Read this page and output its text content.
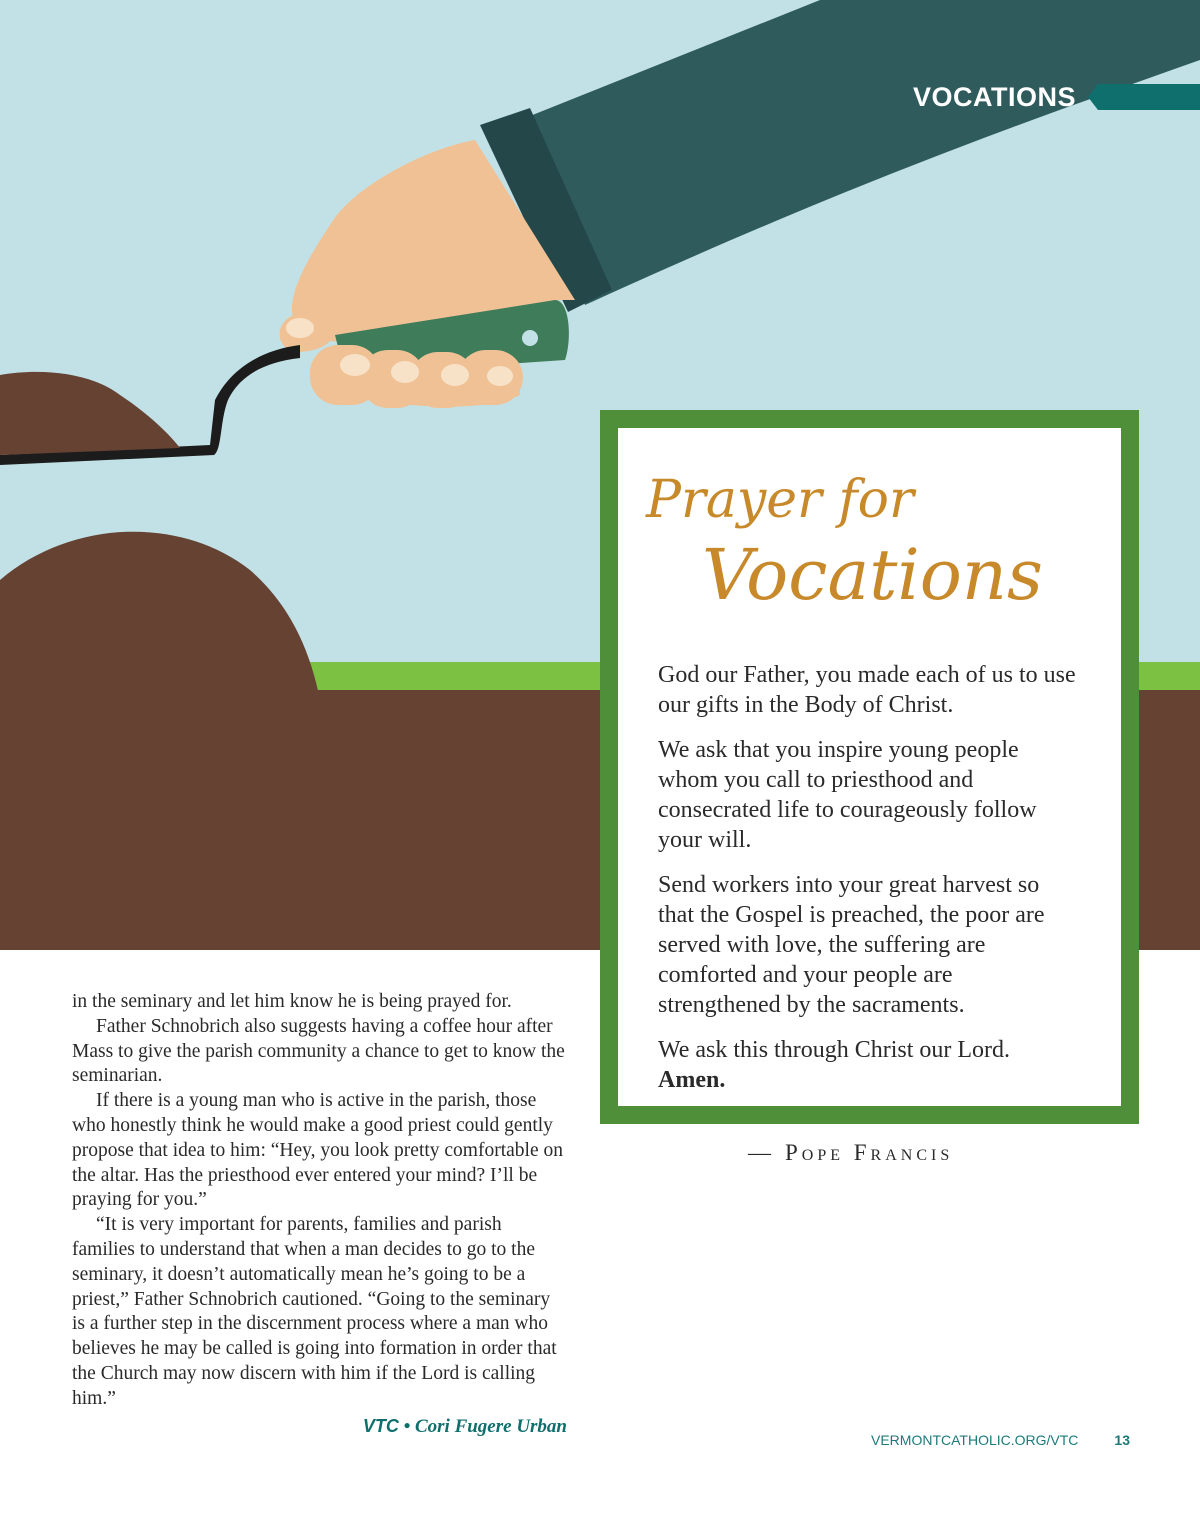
VOCATIONS
Prayer for
Vocations

God our Father, you made each of us to use our gifts in the Body of Christ.

We ask that you inspire young people whom you call to priesthood and consecrated life to courageously follow your will.

Send workers into your great harvest so that the Gospel is preached, the poor are served with love, the suffering are comforted and your people are strengthened by the sacraments.

We ask this through Christ our Lord.
Amen.

— Pope Francis

in the seminary and let him know he is being prayed for.

Father Schnobrich also suggests having a coffee hour after Mass to give the parish community a chance to get to know the seminarian.

If there is a young man who is active in the parish, those who honestly think he would make a good priest could gently propose that idea to him: “Hey, you look pretty comfortable on the altar. Has the priesthood ever entered your mind? I’ll be praying for you.”

“It is very important for parents, families and parish families to understand that when a man decides to go to the seminary, it doesn’t automatically mean he’s going to be a priest,” Father Schnobrich cautioned. “Going to the seminary is a further step in the discernment process where a man who believes he may be called is going into formation in order that the Church may now discern with him if the Lord is calling him.”

VTC • Cori Fugere Urban
VERMONTCATHOLIC.ORG/VTC	13
